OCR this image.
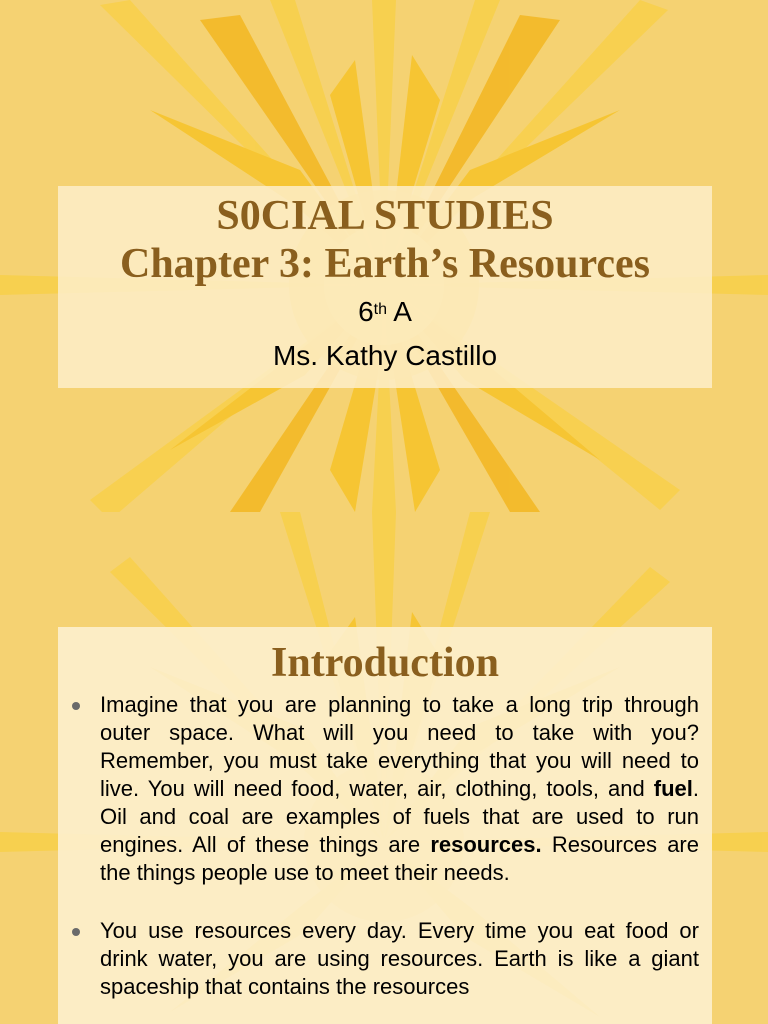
S0CIAL STUDIES

Chapter 3: Earth’s Resources

6th A

Ms. Kathy Castillo

Introduction

Imagine that you are planning to take a long trip through outer space. What will you need to take with you? Remember, you must take everything that you will need to live. You will need food, water, air, clothing, tools, and fuel. Oil and coal are examples of fuels that are used to run engines. All of these things are resources. Resources are the things people use to meet their needs.

You use resources every day. Every time you eat food or drink water, you are using resources. Earth is like a giant spaceship that contains the resources
